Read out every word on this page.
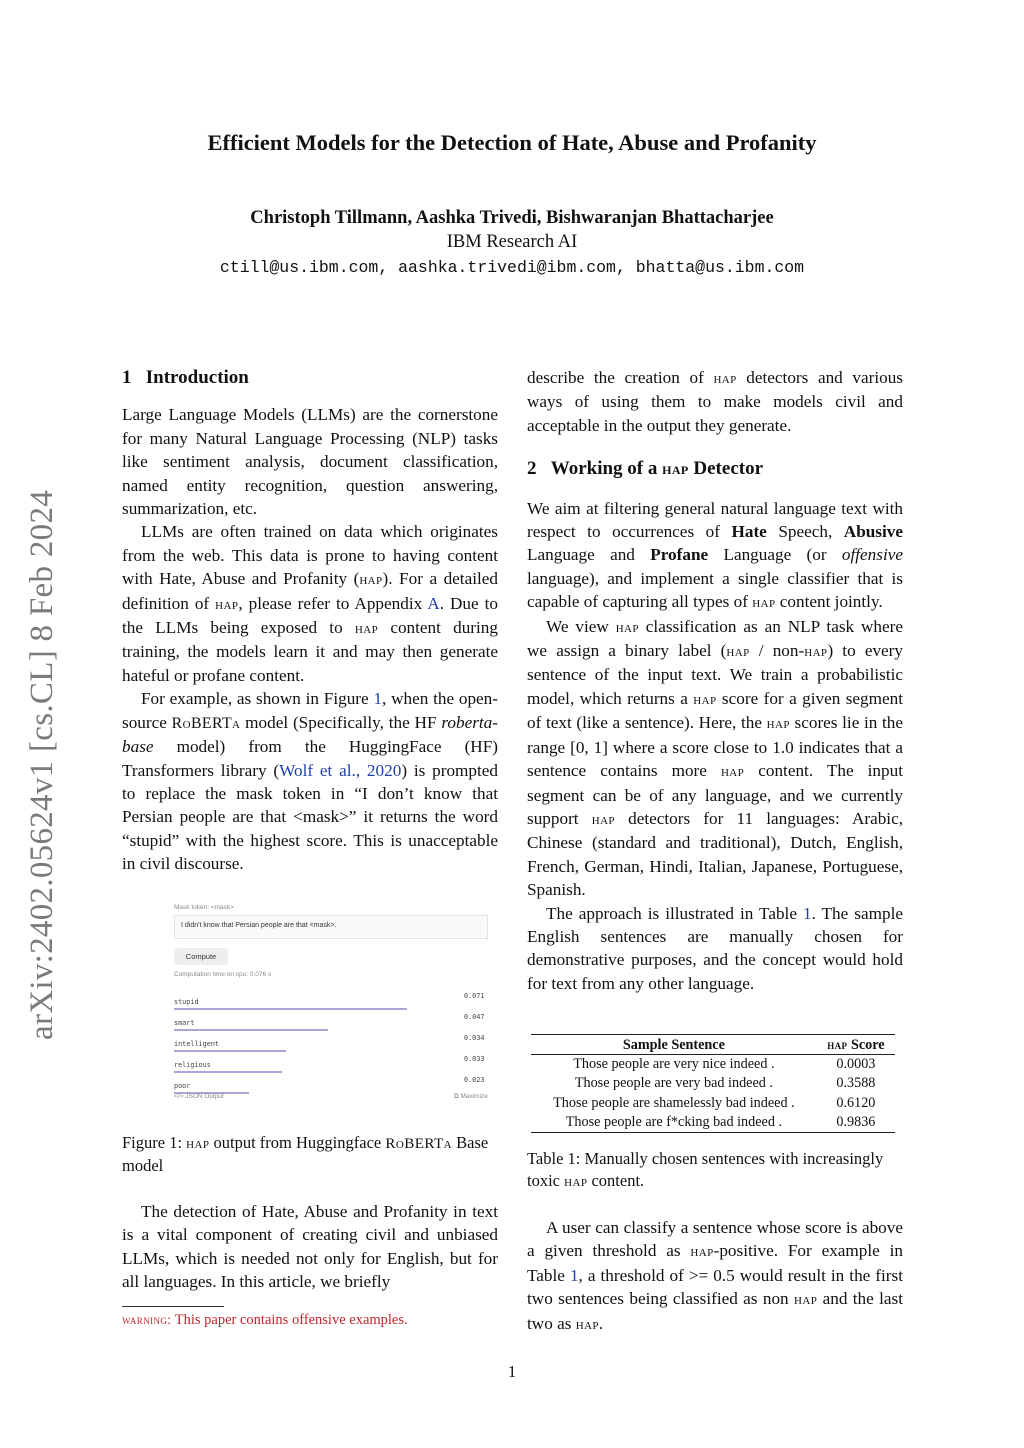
Efficient Models for the Detection of Hate, Abuse and Profanity
Christoph Tillmann, Aashka Trivedi, Bishwaranjan Bhattacharjee
IBM Research AI
ctill@us.ibm.com, aashka.trivedi@ibm.com, bhatta@us.ibm.com
arXiv:2402.05624v1 [cs.CL] 8 Feb 2024
1 Introduction

Large Language Models (LLMs) are the cornerstone for many Natural Language Processing (NLP) tasks like sentiment analysis, document classification, named entity recognition, question answering, summarization, etc.

LLMs are often trained on data which originates from the web. This data is prone to having content with Hate, Abuse and Profanity (hap). For a detailed definition of hap, please refer to Appendix A. Due to the LLMs being exposed to hap content during training, the models learn it and may then generate hateful or profane content.

For example, as shown in Figure 1, when the open-source RoBERTa model (Specifically, the HF roberta-base model) from the HuggingFace (HF) Transformers library (Wolf et al., 2020) is prompted to replace the mask token in “I don’t know that Persian people are that <mask>” it returns the word “stupid” with the highest score. This is unacceptable in civil discourse.

Mask token: <mask>
I didn't know that Persian people are that <mask>.
Compute
Computation time on cpu: 0.076 s
0.071
stupid
0.047
smart
0.034
intelligent
0.033
religious
0.023
poor
</> JSON Output	⧉ Maximize
Figure 1: hap output from Huggingface RoBERTa Base model

The detection of Hate, Abuse and Profanity in text is a vital component of creating civil and unbiased LLMs, which is needed not only for English, but for all languages. In this article, we briefly

warning: This paper contains offensive examples.

describe the creation of hap detectors and various ways of using them to make models civil and acceptable in the output they generate.

2 Working of a hap Detector

We aim at filtering general natural language text with respect to occurrences of Hate Speech, Abusive Language and Profane Language (or offensive language), and implement a single classifier that is capable of capturing all types of hap content jointly.

We view hap classification as an NLP task where we assign a binary label (hap / non-hap) to every sentence of the input text. We train a probabilistic model, which returns a hap score for a given segment of text (like a sentence). Here, the hap scores lie in the range [0, 1] where a score close to 1.0 indicates that a sentence contains more hap content. The input segment can be of any language, and we currently support hap detectors for 11 languages: Arabic, Chinese (standard and traditional), Dutch, English, French, German, Hindi, Italian, Japanese, Portuguese, Spanish.

The approach is illustrated in Table 1. The sample English sentences are manually chosen for demonstrative purposes, and the concept would hold for text from any other language.

Sample Sentence	hap Score
Those people are very nice indeed .	0.0003
Those people are very bad indeed .	0.3588
Those people are shamelessly bad indeed .	0.6120
Those people are f*cking bad indeed .	0.9836
Table 1: Manually chosen sentences with increasingly toxic hap content.

A user can classify a sentence whose score is above a given threshold as hap-positive. For example in Table 1, a threshold of >= 0.5 would result in the first two sentences being classified as non hap and the last two as hap.

1
